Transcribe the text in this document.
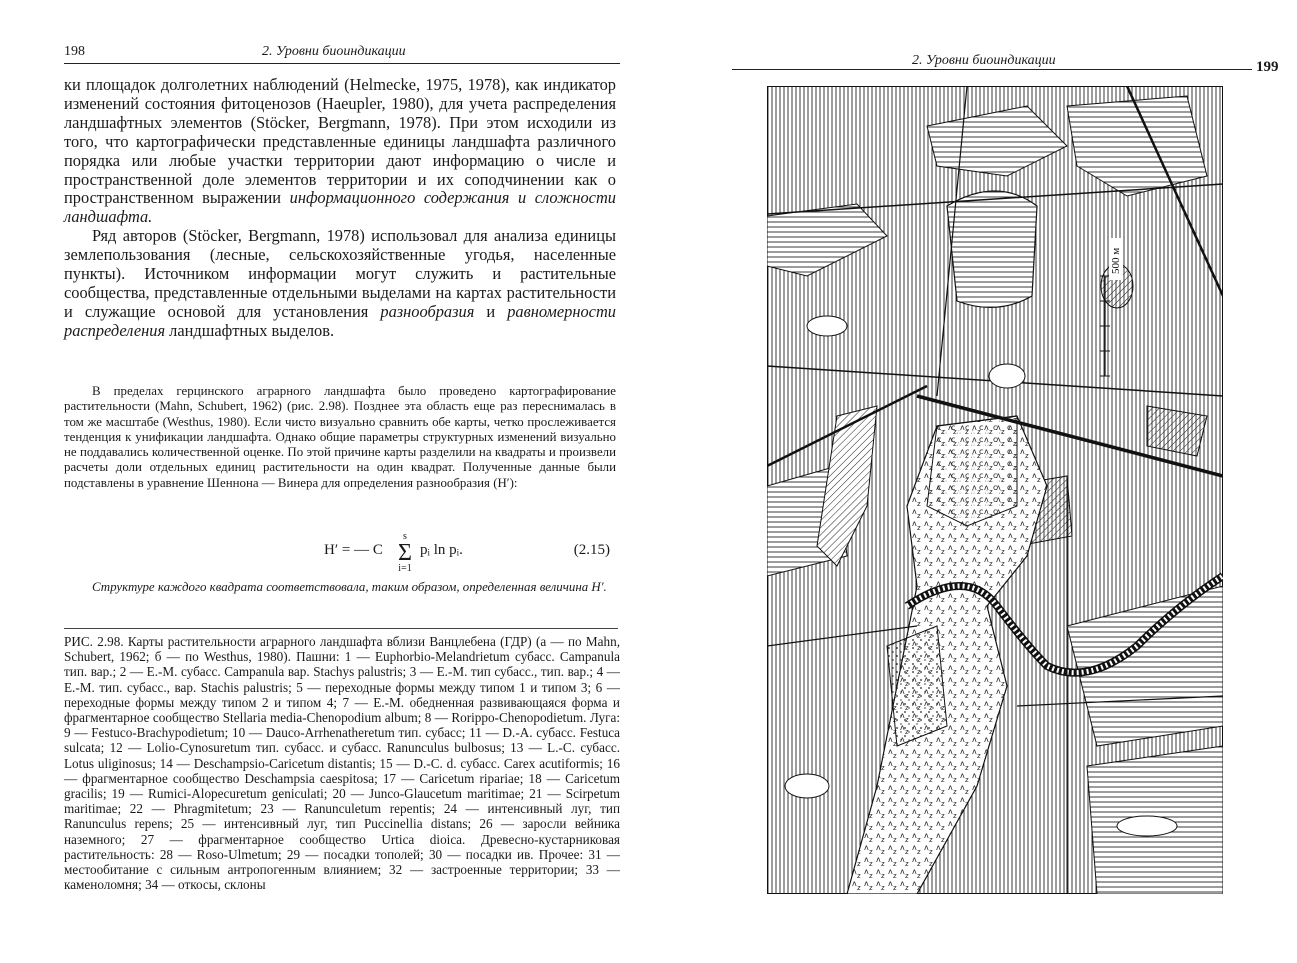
198	2. Уровни биоиндикации

ки площадок долголетних наблюдений (Helmecke, 1975, 1978), как индикатор изменений состояния фитоценозов (Haeupler, 1980), для учета распределения ландшафтных элементов (Stöcker, Bergmann, 1978). При этом исходили из того, что картографически представленные единицы ландшафта различного порядка или любые участки территории дают информацию о числе и пространственной доле элементов территории и их соподчинении как о пространственном выражении информационного содержания и сложности ландшафта.

Ряд авторов (Stöcker, Bergmann, 1978) использовал для анализа единицы землепользования (лесные, сельскохозяйственные угодья, населенные пункты). Источником информации могут служить и растительные сообщества, представленные отдельными выделами на картах растительности и служащие основой для установления разнообразия и равномерности распределения ландшафтных выделов.

В пределах герцинского аграрного ландшафта было проведено картографирование растительности (Mahn, Schubert, 1962) (рис. 2.98). Позднее эта область еще раз переснималась в том же масштабе (Westhus, 1980). Если чисто визуально сравнить обе карты, четко прослеживается тенденция к унификации ландшафта. Однако общие параметры структурных изменений визуально не поддавались количественной оценке. По этой причине карты разделили на квадраты и произвели расчеты доли отдельных единиц растительности на один квадрат. Полученные данные были подставлены в уравнение Шеннона — Винера для определения разнообразия (H′):

H′ = — C
s
Σ
i=1
pᵢ ln pᵢ.	(2.15)

Структуре каждого квадрата соответствовала, таким образом, определенная величина H′.

РИС. 2.98. Карты растительности аграрного ландшафта вблизи Ванцлебена (ГДР) (а — по Mahn, Schubert, 1962; б — по Westhus, 1980). Пашни: 1 — Euphorbio-Melandrietum субасс. Campanula тип. вар.; 2 — E.-M. субасс. Campanula вар. Stachys palustris; 3 — E.-M. тип субасс., тип. вар.; 4 — E.-M. тип. субасс., вар. Stachis palustris; 5 — переходные формы между типом 1 и типом 3; 6 — переходные формы между типом 2 и типом 4; 7 — E.-M. обедненная развивающаяся форма и фрагментарное сообщество Stellaria media-Chenopodium album; 8 — Rorippo-Chenopodietum. Луга: 9 — Festuco-Brachypodietum; 10 — Dauco-Arrhenatheretum тип. субасс; 11 — D.-A. субасс. Festuca sulcata; 12 — Lolio-Cynosuretum тип. субасс. и субасс. Ranunculus bulbosus; 13 — L.-C. субасс. Lotus uliginosus; 14 — Deschampsio-Caricetum distantis; 15 — D.-C. d. субасс. Carex acutiformis; 16 — фрагментарное сообщество Deschampsia caespitosa; 17 — Caricetum ripariae; 18 — Caricetum gracilis; 19 — Rumici-Alopecuretum geniculati; 20 — Junco-Glaucetum maritimae; 21 — Scirpetum maritimae; 22 — Phragmitetum; 23 — Ranunculetum repentis; 24 — интенсивный луг, тип Ranunculus repens; 25 — интенсивный луг, тип Puccinellia distans; 26 — заросли вейника наземного; 27 — фрагментарное сообщество Urtica dioica. Древесно-кустарниковая растительность: 28 — Roso-Ulmetum; 29 — посадки тополей; 30 — посадки ив. Прочее: 31 — местообитание с сильным антропогенным влиянием; 32 — застроенные территории; 33 — каменоломня; 34 — откосы, склоны

2. Уровни биоиндикации	199
500 м
